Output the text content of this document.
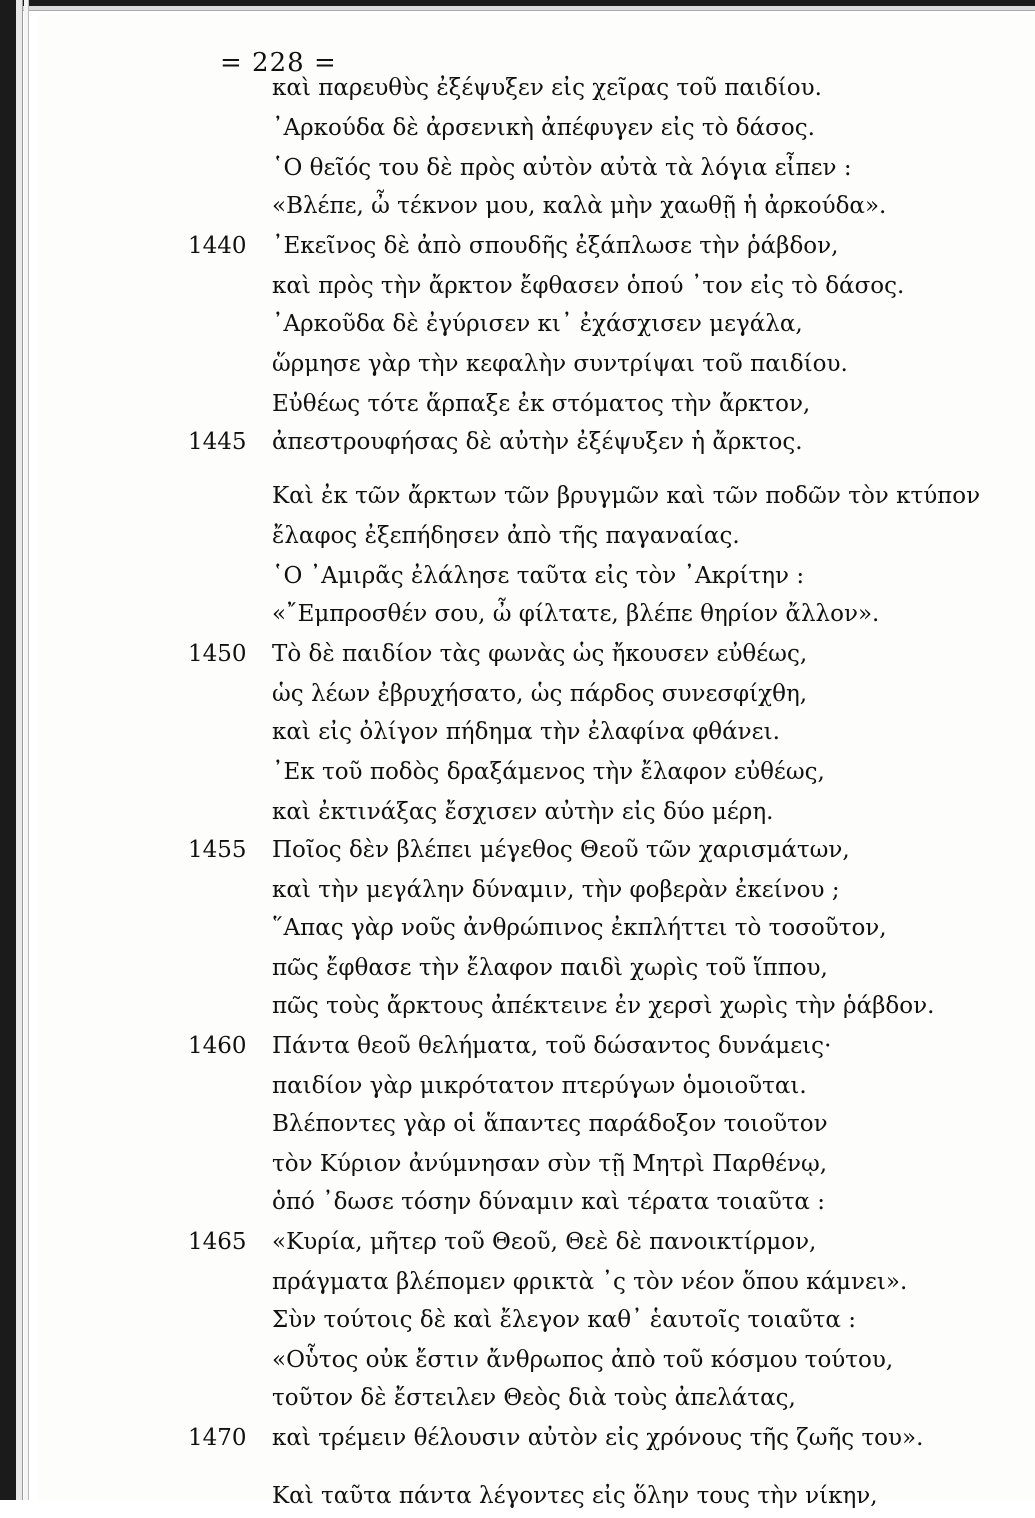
= 228 =
καὶ παρευθὺς ἐξέψυξεν εἰς χεῖρας τοῦ παιδίου.
᾿Αρκούδα δὲ ἀρσενικὴ ἀπέφυγεν εἰς τὸ δάσος.
῾Ο θεῖός του δὲ πρὸς αὐτὸν αὐτὰ τὰ λόγια εἶπεν :
«Βλέπε, ὦ τέκνον μου, καλὰ μὴν χαωθῇ ἡ ἀρκούδα».
1440	᾿Εκεῖνος δὲ ἀπὸ σπουδῆς ἐξάπλωσε τὴν ῥάβδον,
καὶ πρὸς τὴν ἄρκτον ἔφθασεν ὁπού ᾽τον εἰς τὸ δάσος.
᾿Αρκοῦδα δὲ ἐγύρισεν κι᾽ ἐχάσχισεν μεγάλα,
ὥρμησε γὰρ τὴν κεφαλὴν συντρίψαι τοῦ παιδίου.
Εὐθέως τότε ἅρπαξε ἐκ στόματος τὴν ἄρκτον,
1445	ἀπεστρουφήσας δὲ αὐτὴν ἐξέψυξεν ἡ ἄρκτος.
Καὶ ἐκ τῶν ἄρκτων τῶν βρυγμῶν καὶ τῶν ποδῶν τὸν κτύπον
ἔλαφος ἐξεπήδησεν ἀπὸ τῆς παγαναίας.
῾Ο ᾿Αμιρᾶς ἐλάλησε ταῦτα εἰς τὸν ᾿Ακρίτην :
«῎Εμπροσθέν σου, ὦ φίλτατε, βλέπε θηρίον ἄλλον».
1450	Τὸ δὲ παιδίον τὰς φωνὰς ὡς ἤκουσεν εὐθέως,
ὡς λέων ἐβρυχήσατο, ὡς πάρδος συνεσφίχθη,
καὶ εἰς ὀλίγον πήδημα τὴν ἐλαφίνα φθάνει.
᾿Εκ τοῦ ποδὸς δραξάμενος τὴν ἔλαφον εὐθέως,
καὶ ἐκτινάξας ἔσχισεν αὐτὴν εἰς δύο μέρη.
1455	Ποῖος δὲν βλέπει μέγεθος Θεοῦ τῶν χαρισμάτων,
καὶ τὴν μεγάλην δύναμιν, τὴν φοβερὰν ἐκείνου ;
῞Απας γὰρ νοῦς ἀνθρώπινος ἐκπλήττει τὸ τοσοῦτον,
πῶς ἔφθασε τὴν ἔλαφον παιδὶ χωρὶς τοῦ ἵππου,
πῶς τοὺς ἄρκτους ἀπέκτεινε ἐν χερσὶ χωρὶς τὴν ῥάβδον.
1460	Πάντα θεοῦ θελήματα, τοῦ δώσαντος δυνάμεις·
παιδίον γὰρ μικρότατον πτερύγων ὁμοιοῦται.
Βλέποντες γὰρ οἱ ἅπαντες παράδοξον τοιοῦτον
τὸν Κύριον ἀνύμνησαν σὺν τῇ Μητρὶ Παρθένῳ,
ὁπό ᾽δωσε τόσην δύναμιν καὶ τέρατα τοιαῦτα :
1465	«Κυρία, μῆτερ τοῦ Θεοῦ, Θεὲ δὲ πανοικτίρμον,
πράγματα βλέπομεν φρικτὰ ᾽ς τὸν νέον ὅπου κάμνει».
Σὺν τούτοις δὲ καὶ ἔλεγον καθ᾽ ἑαυτοῖς τοιαῦτα :
«Οὗτος οὐκ ἔστιν ἄνθρωπος ἀπὸ τοῦ κόσμου τούτου,
τοῦτον δὲ ἔστειλεν Θεὸς διὰ τοὺς ἀπελάτας,
1470	καὶ τρέμειν θέλουσιν αὐτὸν εἰς χρόνους τῆς ζωῆς του».
Καὶ ταῦτα πάντα λέγοντες εἰς ὅλην τους τὴν νίκην,
